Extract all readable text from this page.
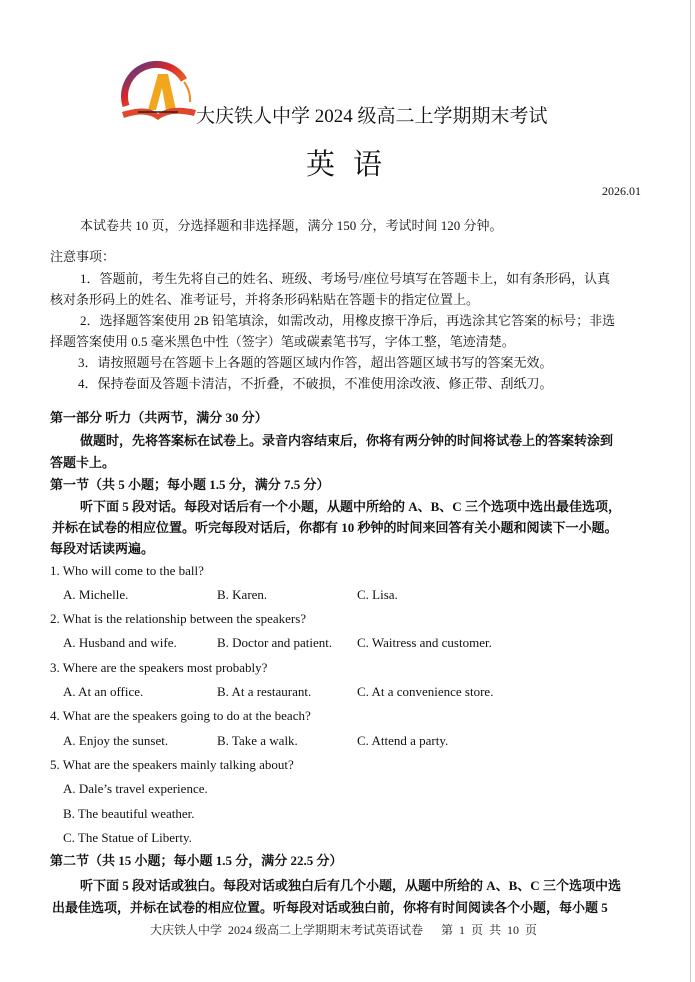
大庆铁人中学 2024 级高二上学期期末考试
英语
2026.01
本试卷共 10 页，分选择题和非选择题，满分 150 分，考试时间 120 分钟。
注意事项：
1．答题前，考生先将自己的姓名、班级、考场号/座位号填写在答题卡上，如有条形码，认真
核对条形码上的姓名、准考证号，并将条形码粘贴在答题卡的指定位置上。
2．选择题答案使用 2B 铅笔填涂，如需改动，用橡皮擦干净后，再选涂其它答案的标号；非选
择题答案使用 0.5 毫米黑色中性（签字）笔或碳素笔书写，字体工整，笔迹清楚。
3．请按照题号在答题卡上各题的答题区域内作答，超出答题区域书写的答案无效。
4．保持卷面及答题卡清洁，不折叠，不破损，不准使用涂改液、修正带、刮纸刀。
第一部分 听力（共两节，满分 30 分）
做题时，先将答案标在试卷上。录音内容结束后，你将有两分钟的时间将试卷上的答案转涂到
答题卡上。
第一节（共 5 小题；每小题 1.5 分，满分 7.5 分）
听下面 5 段对话。每段对话后有一个小题，从题中所给的 A、B、C 三个选项中选出最佳选项，
并标在试卷的相应位置。听完每段对话后，你都有 10 秒钟的时间来回答有关小题和阅读下一小题。
每段对话读两遍。
1. Who will come to the ball?
A. Michelle.	B. Karen.	C. Lisa.
2. What is the relationship between the speakers?
A. Husband and wife.	B. Doctor and patient. C. Waitress and customer.
3. Where are the speakers most probably?
A. At an office.	B. At a restaurant.	C. At a convenience store.
4. What are the speakers going to do at the beach?
A. Enjoy the sunset.	B. Take a walk.	C. Attend a party.
5. What are the speakers mainly talking about?
A. Dale’s travel experience.
B. The beautiful weather.
C. The Statue of Liberty.
第二节（共 15 小题；每小题 1.5 分，满分 22.5 分）
听下面 5 段对话或独白。每段对话或独白后有几个小题，从题中所给的 A、B、C 三个选项中选
出最佳选项，并标在试卷的相应位置。听每段对话或独白前，你将有时间阅读各个小题，每小题 5
大庆铁人中学  2024 级高二上学期期末考试英语试卷      第  1  页  共  10  页
